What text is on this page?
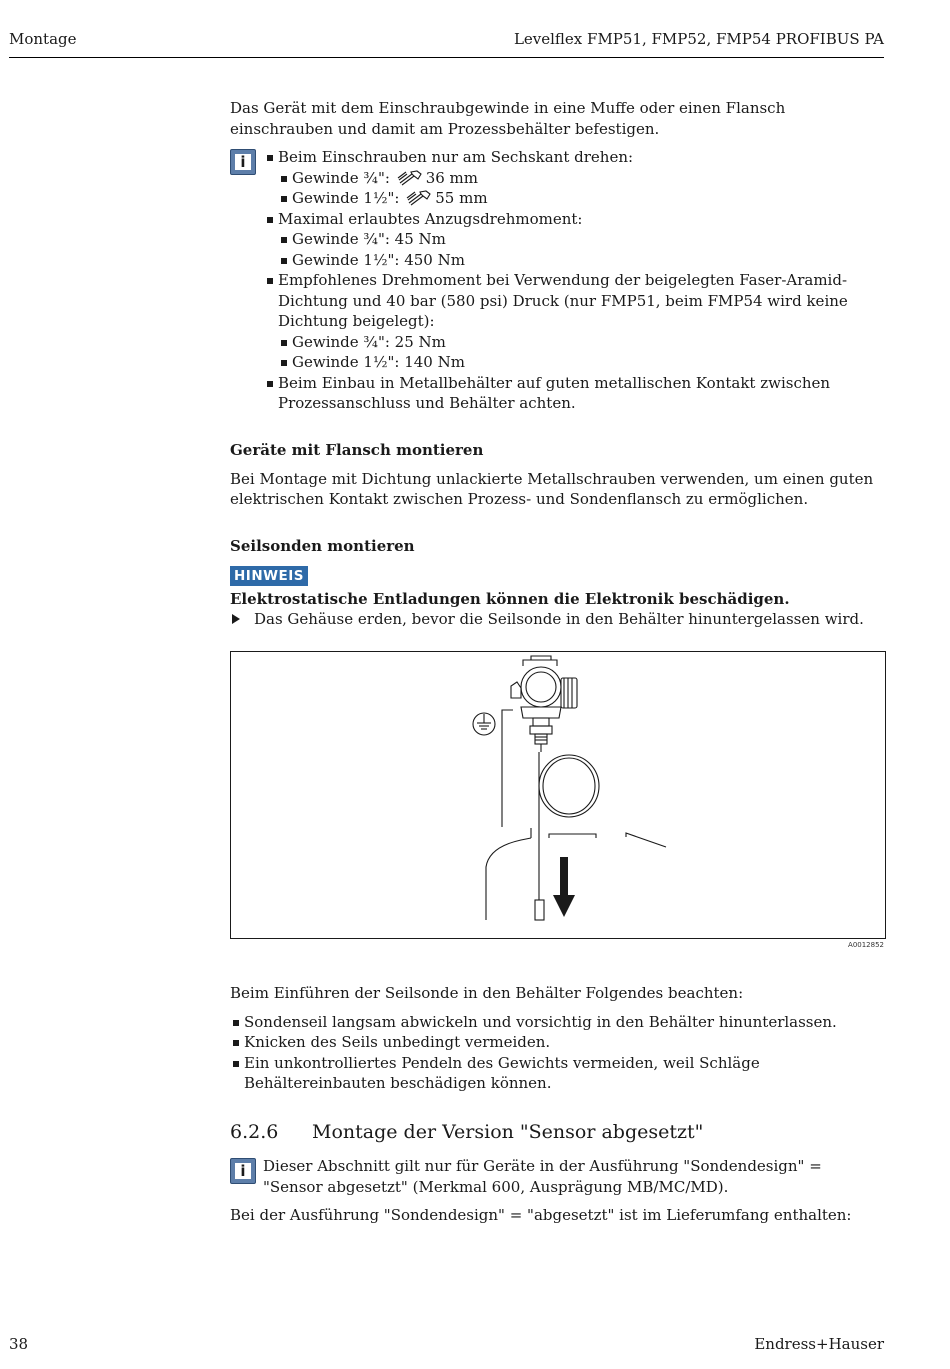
Montage	Levelflex FMP51, FMP52, FMP54 PROFIBUS PA

Das Gerät mit dem Einschraubgewinde in eine Muffe oder einen Flansch einschrauben und damit am Prozessbehälter befestigen.

i	Beim Einschrauben nur am Sechskant drehen:
Gewinde ¾": 36 mm
Gewinde 1½": 55 mm
Maximal erlaubtes Anzugsdrehmoment:
Gewinde ¾": 45 Nm
Gewinde 1½": 450 Nm
Empfohlenes Drehmoment bei Verwendung der beigelegten Faser-Aramid-Dichtung und 40 bar (580 psi) Druck (nur FMP51, beim FMP54 wird keine Dichtung beigelegt):
Gewinde ¾": 25 Nm
Gewinde 1½": 140 Nm
Beim Einbau in Metallbehälter auf guten metallischen Kontakt zwischen Prozessanschluss und Behälter achten.
Geräte mit Flansch montieren

Bei Montage mit Dichtung unlackierte Metallschrauben verwenden, um einen guten elektrischen Kontakt zwischen Prozess- und Sondenflansch zu ermöglichen.

Seilsonden montieren
HINWEIS
Elektrostatische Entladungen können die Elektronik beschädigen.
Das Gehäuse erden, bevor die Seilsonde in den Behälter hinuntergelassen wird.
A0012852

Beim Einführen der Seilsonde in den Behälter Folgendes beachten:

Sondenseil langsam abwickeln und vorsichtig in den Behälter hinunterlassen.
Knicken des Seils unbedingt vermeiden.
Ein unkontrolliertes Pendeln des Gewichts vermeiden, weil Schläge Behältereinbauten beschädigen können.
6.2.6 Montage der Version "Sensor abgesetzt"
i	Dieser Abschnitt gilt nur für Geräte in der Ausführung "Sondendesign" = "Sensor abgesetzt" (Merkmal 600, Ausprägung MB/MC/MD).

Bei der Ausführung "Sondendesign" = "abgesetzt" ist im Lieferumfang enthalten:

38	Endress+Hauser
